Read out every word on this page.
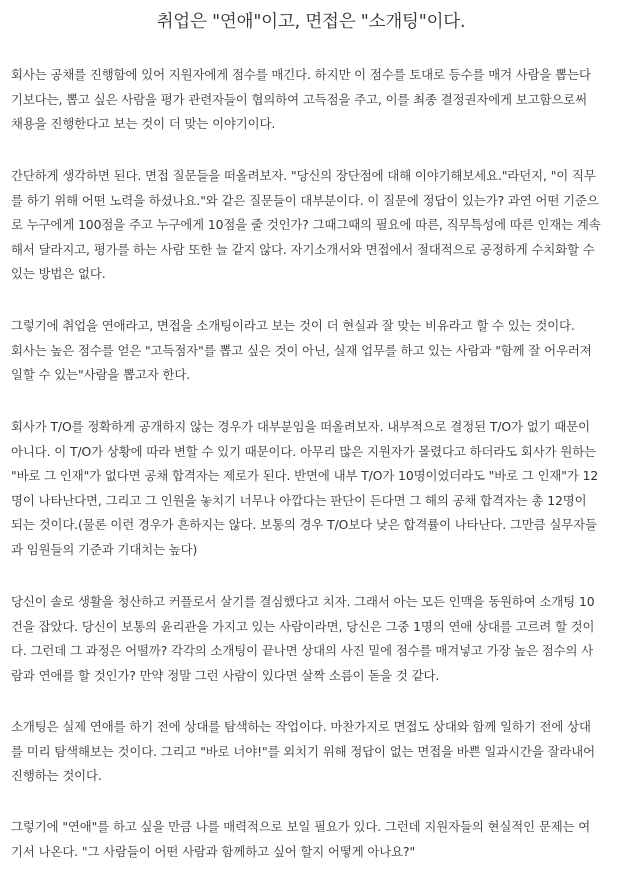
취업은 "연애"이고, 면접은 "소개팅"이다.

회사는 공채를 진행함에 있어 지원자에게 점수를 매긴다. 하지만 이 점수를 토대로 등수를 매겨 사람을 뽑는다
기보다는, 뽑고 싶은 사람을 평가 관련자들이 협의하여 고득점을 주고, 이를 최종 결정권자에게 보고함으로써
채용을 진행한다고 보는 것이 더 맞는 이야기이다.

간단하게 생각하면 된다. 면접 질문들을 떠올려보자. "당신의 장단점에 대해 이야기해보세요."라던지, "이 직무
를 하기 위해 어떤 노력을 하셨나요."와 같은 질문들이 대부분이다. 이 질문에 정답이 있는가? 과연 어떤 기준으
로 누구에게 100점을 주고 누구에게 10점을 줄 것인가? 그때그때의 필요에 따른, 직무특성에 따른 인재는 계속
해서 달라지고, 평가를 하는 사람 또한 늘 같지 않다. 자기소개서와 면접에서 절대적으로 공정하게 수치화할 수
있는 방법은 없다.

그렇기에 취업을 연애라고, 면접을 소개팅이라고 보는 것이 더 현실과 잘 맞는 비유라고 할 수 있는 것이다.
회사는 높은 점수를 얻은 "고득점자"를 뽑고 싶은 것이 아닌, 실재 업무를 하고 있는 사람과 "함께 잘 어우러져
일할 수 있는"사람을 뽑고자 한다.

회사가 T/O를 정확하게 공개하지 않는 경우가 대부분임을 떠올려보자. 내부적으로 결정된 T/O가 없기 때문이
아니다. 이 T/O가 상황에 따라 변할 수 있기 때문이다. 아무리 많은 지원자가 몰렸다고 하더라도 회사가 원하는
"바로 그 인재"가 없다면 공채 합격자는 제로가 된다. 반면에 내부 T/O가 10명이었더라도 "바로 그 인재"가 12
명이 나타난다면, 그리고 그 인원을 놓치기 너무나 아깝다는 판단이 든다면 그 해의 공채 합격자는 총 12명이
되는 것이다.(물론 이런 경우가 흔하지는 않다. 보통의 경우 T/O보다 낮은 합격률이 나타난다. 그만큼 실무자들
과 임원들의 기준과 기대치는 높다)

당신이 솔로 생활을 청산하고 커플로서 살기를 결심했다고 치자. 그래서 아는 모든 인맥을 동원하여 소개팅 10
건을 잡았다. 당신이 보통의 윤리관을 가지고 있는 사람이라면, 당신은 그중 1명의 연애 상대를 고르려 할 것이
다. 그런데 그 과정은 어떨까? 각각의 소개팅이 끝나면 상대의 사진 밑에 점수를 매겨넣고 가장 높은 점수의 사
람과 연애를 할 것인가? 만약 정말 그런 사람이 있다면 살짝 소름이 돋을 것 같다.

소개팅은 실제 연애를 하기 전에 상대를 탐색하는 작업이다. 마찬가지로 면접도 상대와 함께 일하기 전에 상대
를 미리 탐색해보는 것이다. 그리고 "바로 너야!"를 외치기 위해 정답이 없는 면접을 바쁜 일과시간을 잘라내어
진행하는 것이다.

그렇기에 "연애"를 하고 싶을 만큼 나를 매력적으로 보일 필요가 있다. 그런데 지원자들의 현실적인 문제는 여
기서 나온다. "그 사람들이 어떤 사람과 함께하고 싶어 할지 어떻게 아나요?"
